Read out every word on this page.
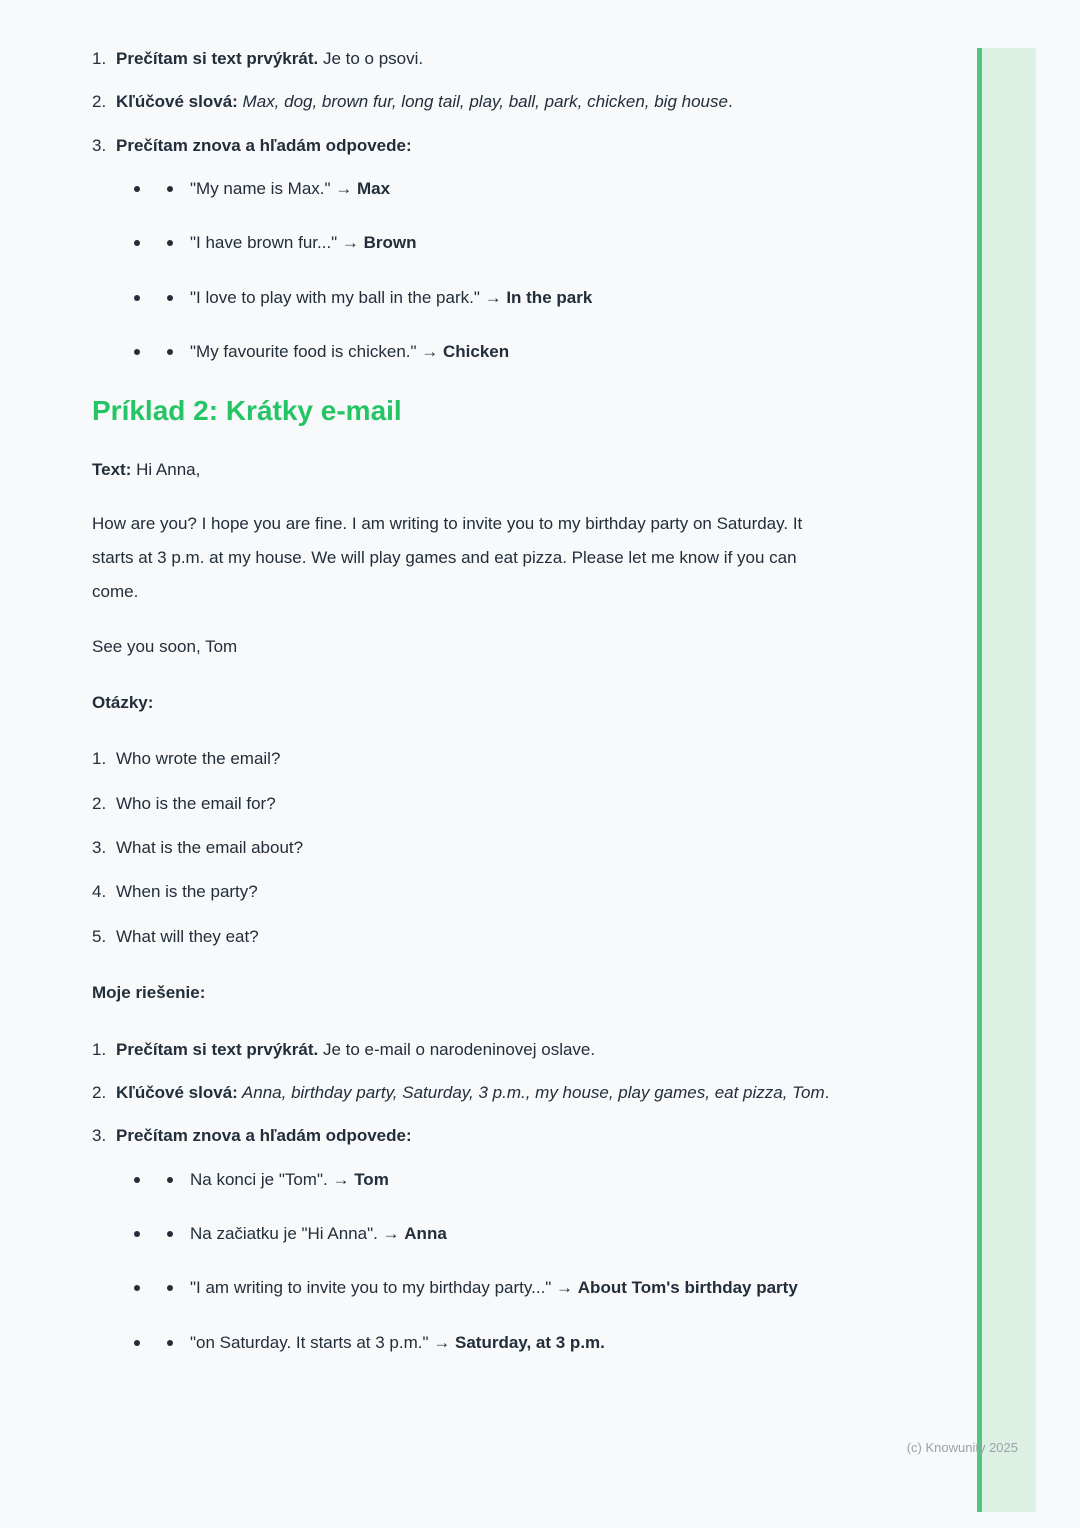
1. Prečítam si text prvýkrát. Je to o psovi.
2. Kľúčové slová: Max, dog, brown fur, long tail, play, ball, park, chicken, big house.
3. Prečítam znova a hľadám odpovede:
"My name is Max." → Max
"I have brown fur..." → Brown
"I love to play with my ball in the park." → In the park
"My favourite food is chicken." → Chicken
Príklad 2: Krátky e-mail
Text: Hi Anna,
How are you? I hope you are fine. I am writing to invite you to my birthday party on Saturday. It starts at 3 p.m. at my house. We will play games and eat pizza. Please let me know if you can come.
See you soon, Tom
Otázky:
1. Who wrote the email?
2. Who is the email for?
3. What is the email about?
4. When is the party?
5. What will they eat?
Moje riešenie:
1. Prečítam si text prvýkrát. Je to e-mail o narodeninovej oslave.
2. Kľúčové slová: Anna, birthday party, Saturday, 3 p.m., my house, play games, eat pizza, Tom.
3. Prečítam znova a hľadám odpovede:
Na konci je "Tom". → Tom
Na začiatku je "Hi Anna". → Anna
"I am writing to invite you to my birthday party..." → About Tom's birthday party
"on Saturday. It starts at 3 p.m." → Saturday, at 3 p.m.
(c) Knowunity 2025
